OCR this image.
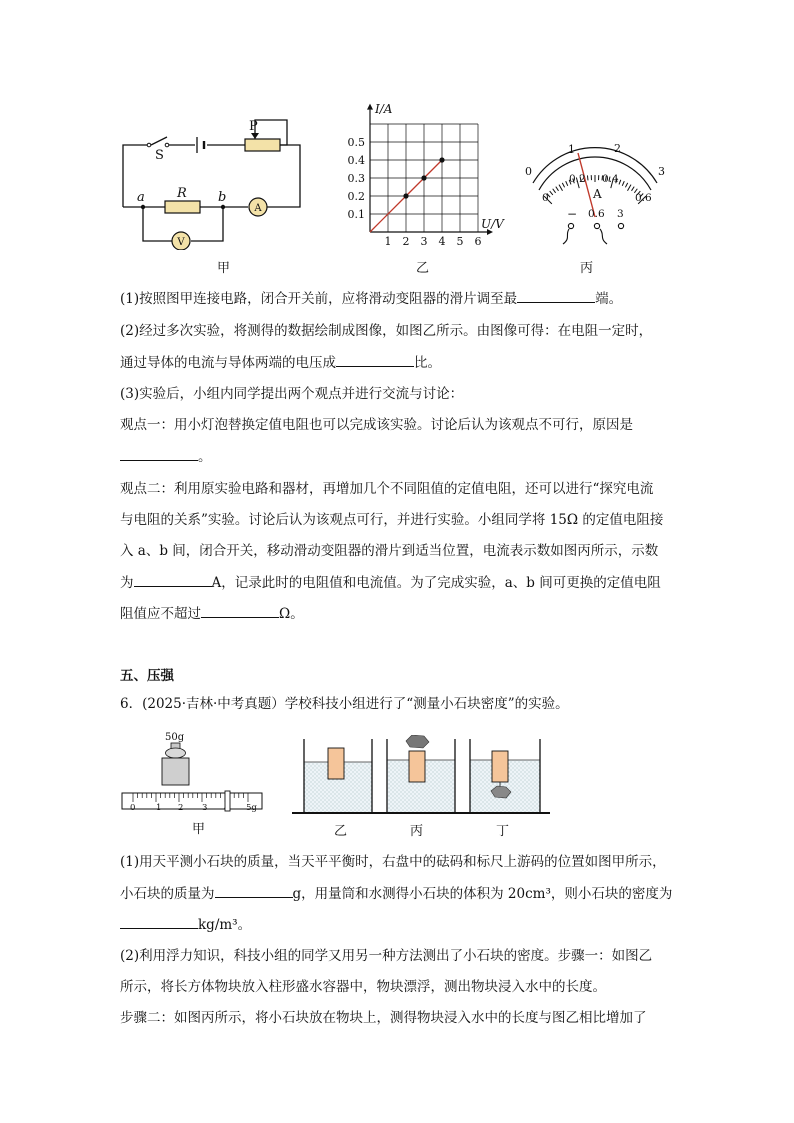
S
P
R
a	b
A
V
甲
1 2 3 4 5 6
0.1
0.2
0.3
0.4
0.5
I/A
U/V
乙
0
1	2
3
0
0.2 0.4
0.6
A
− 0.6 3
丙
(1)按照图甲连接电路，闭合开关前，应将滑动变阻器的滑片调至最	端。
(2)经过多次实验，将测得的数据绘制成图像，如图乙所示。由图像可得：在电阻一定时，
通过导体的电流与导体两端的电压成	比。
(3)实验后，小组内同学提出两个观点并进行交流与讨论：
观点一：用小灯泡替换定值电阻也可以完成该实验。讨论后认为该观点不可行，原因是
。
观点二：利用原实验电路和器材，再增加几个不同阻值的定值电阻，还可以进行“探究电流
与电阻的关系”实验。讨论后认为该观点可行，并进行实验。小组同学将 15Ω 的定值电阻接
入 a、b 间，闭合开关，移动滑动变阻器的滑片到适当位置，电流表示数如图丙所示，示数
为	A，记录此时的电阻值和电流值。为了完成实验，a、b 间可更换的定值电阻
阻值应不超过	Ω。
五、压强
6．(2025·吉林·中考真题）学校科技小组进行了“测量小石块密度”的实验。
50g
0 1 2 3	5g
甲	乙	丙	丁
(1)用天平测小石块的质量，当天平平衡时，右盘中的砝码和标尺上游码的位置如图甲所示，
小石块的质量为	g，用量筒和水测得小石块的体积为 20cm³，则小石块的密度为
kg/m³。
(2)利用浮力知识，科技小组的同学又用另一种方法测出了小石块的密度。步骤一：如图乙
所示，将长方体物块放入柱形盛水容器中，物块漂浮，测出物块浸入水中的长度。
步骤二：如图丙所示，将小石块放在物块上，测得物块浸入水中的长度与图乙相比增加了
